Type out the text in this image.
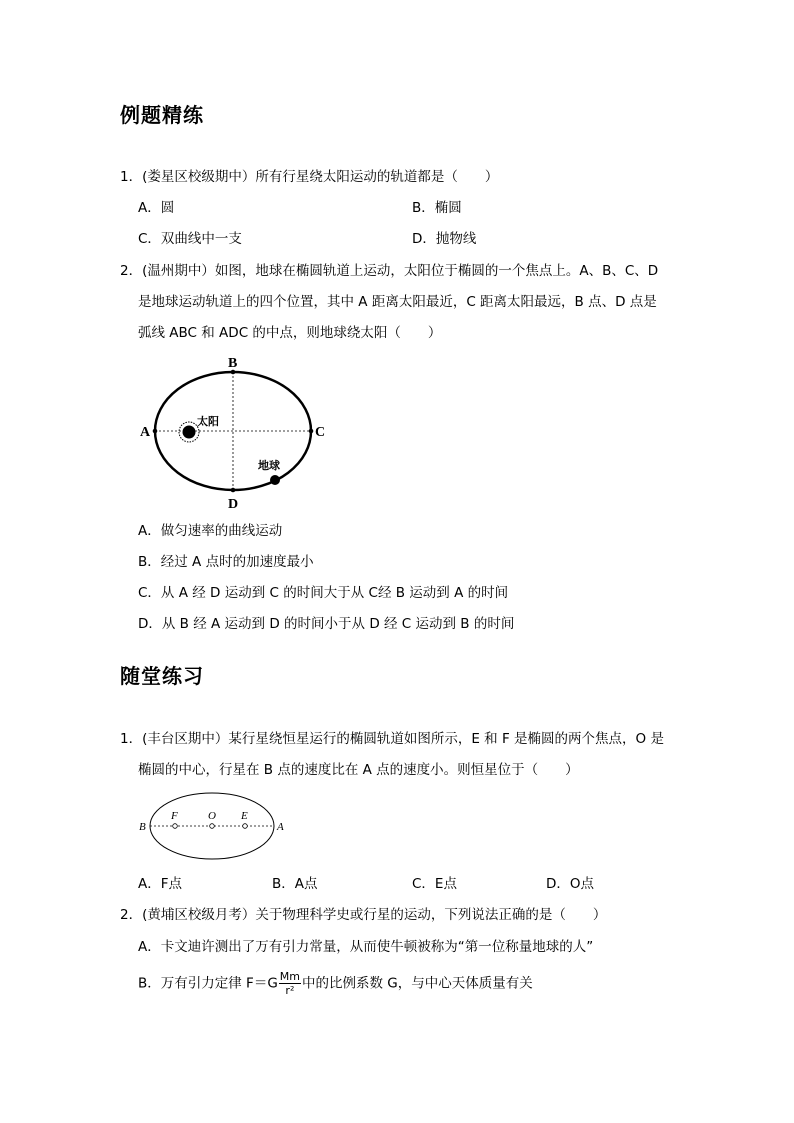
例题精练
1．(娄星区校级期中）所有行星绕太阳运动的轨道都是（　　）
A．圆	B．椭圆
C．双曲线中一支	D．抛物线
2．(温州期中）如图，地球在椭圆轨道上运动，太阳位于椭圆的一个焦点上。A、B、C、D
是地球运动轨道上的四个位置，其中 A 距离太阳最近，C 距离太阳最远，B 点、D 点是
弧线 ABC 和 ADC 的中点，则地球绕太阳（　　）
B
D
A	C
太阳
地球
A．做匀速率的曲线运动
B．经过 A 点时的加速度最小
C．从 A 经 D 运动到 C 的时间大于从 C经 B 运动到 A 的时间
D．从 B 经 A 运动到 D 的时间小于从 D 经 C 运动到 B 的时间
随堂练习
1．(丰台区期中）某行星绕恒星运行的椭圆轨道如图所示，E 和 F 是椭圆的两个焦点，O 是
椭圆的中心，行星在 B 点的速度比在 A 点的速度小。则恒星位于（　　）
B
F	O E
A
A．F点	B．A点	C．E点	D．O点
2．(黄埔区校级月考）关于物理科学史或行星的运动，下列说法正确的是（　　）
A．卡文迪许测出了万有引力常量，从而使牛顿被称为“第一位称量地球的人”
B．万有引力定律 $F=G \frac{Mm}{\text{r²}}$ 中的比例系数 G，与中心天体质量有关
